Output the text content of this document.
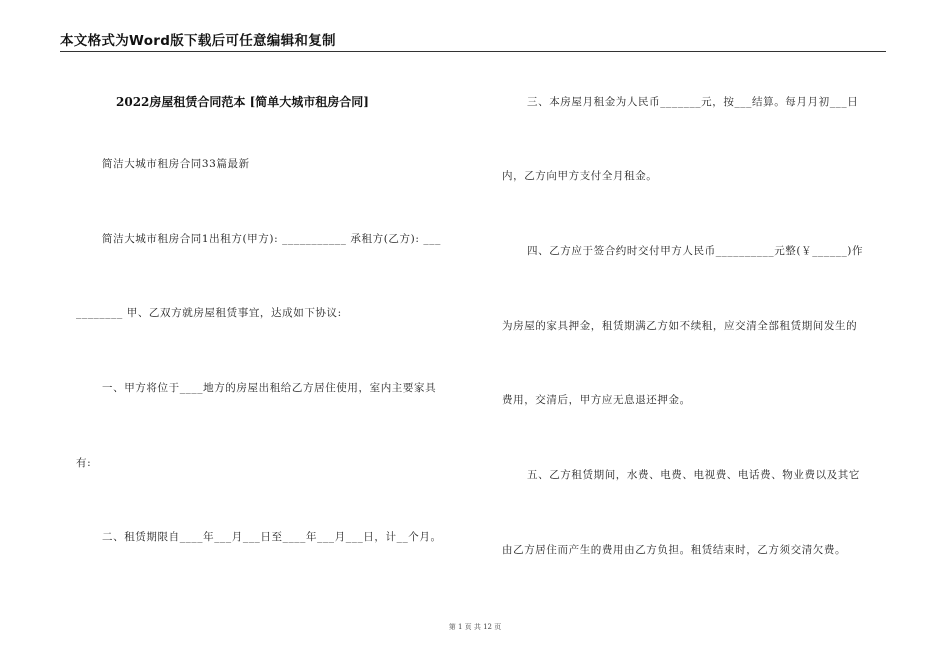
本文格式为Word版下载后可任意编辑和复制
2022房屋租赁合同范本 [简单大城市租房合同]
简洁大城市租房合同33篇最新
简洁大城市租房合同1出租方(甲方): ___________ 承租方(乙方): ___
________ 甲、乙双方就房屋租赁事宜，达成如下协议:
一、甲方将位于____地方的房屋出租给乙方居住使用，室内主要家具
有:
二、租赁期限自____年___月___日至____年___月___日，计__个月。
三、本房屋月租金为人民币_______元，按___结算。每月月初___日
内，乙方向甲方支付全月租金。
四、乙方应于签合约时交付甲方人民币__________元整(￥______)作
为房屋的家具押金，租赁期满乙方如不续租，应交清全部租赁期间发生的
费用，交清后，甲方应无息退还押金。
五、乙方租赁期间，水费、电费、电视费、电话费、物业费以及其它
由乙方居住而产生的费用由乙方负担。租赁结束时，乙方须交清欠费。
第 1 页 共 12 页
